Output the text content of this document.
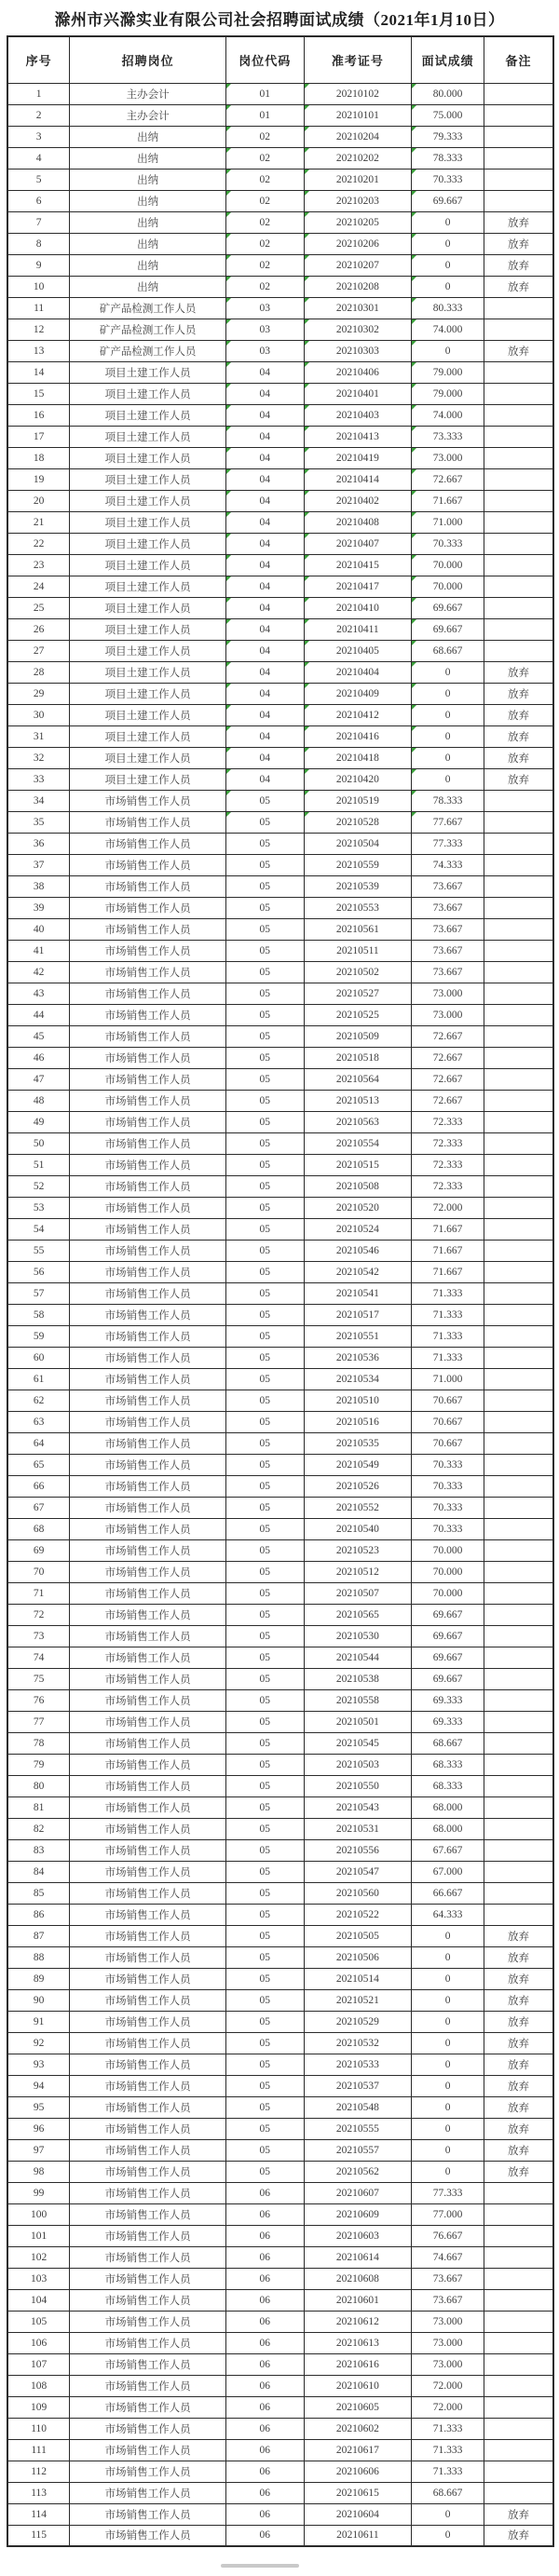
滁州市兴滁实业有限公司社会招聘面试成绩（2021年1月10日）
序号	招聘岗位	岗位代码	准考证号	面试成绩	备注
1	主办会计	01	20210102	80.000	
2	主办会计	01	20210101	75.000	
3	出纳	02	20210204	79.333	
4	出纳	02	20210202	78.333	
5	出纳	02	20210201	70.333	
6	出纳	02	20210203	69.667	
7	出纳	02	20210205	0	放弃
8	出纳	02	20210206	0	放弃
9	出纳	02	20210207	0	放弃
10	出纳	02	20210208	0	放弃
11	矿产品检测工作人员	03	20210301	80.333	
12	矿产品检测工作人员	03	20210302	74.000	
13	矿产品检测工作人员	03	20210303	0	放弃
14	项目土建工作人员	04	20210406	79.000	
15	项目土建工作人员	04	20210401	79.000	
16	项目土建工作人员	04	20210403	74.000	
17	项目土建工作人员	04	20210413	73.333	
18	项目土建工作人员	04	20210419	73.000	
19	项目土建工作人员	04	20210414	72.667	
20	项目土建工作人员	04	20210402	71.667	
21	项目土建工作人员	04	20210408	71.000	
22	项目土建工作人员	04	20210407	70.333	
23	项目土建工作人员	04	20210415	70.000	
24	项目土建工作人员	04	20210417	70.000	
25	项目土建工作人员	04	20210410	69.667	
26	项目土建工作人员	04	20210411	69.667	
27	项目土建工作人员	04	20210405	68.667	
28	项目土建工作人员	04	20210404	0	放弃
29	项目土建工作人员	04	20210409	0	放弃
30	项目土建工作人员	04	20210412	0	放弃
31	项目土建工作人员	04	20210416	0	放弃
32	项目土建工作人员	04	20210418	0	放弃
33	项目土建工作人员	04	20210420	0	放弃
34	市场销售工作人员	05	20210519	78.333	
35	市场销售工作人员	05	20210528	77.667	
36	市场销售工作人员	05	20210504	77.333	
37	市场销售工作人员	05	20210559	74.333	
38	市场销售工作人员	05	20210539	73.667	
39	市场销售工作人员	05	20210553	73.667	
40	市场销售工作人员	05	20210561	73.667	
41	市场销售工作人员	05	20210511	73.667	
42	市场销售工作人员	05	20210502	73.667	
43	市场销售工作人员	05	20210527	73.000	
44	市场销售工作人员	05	20210525	73.000	
45	市场销售工作人员	05	20210509	72.667	
46	市场销售工作人员	05	20210518	72.667	
47	市场销售工作人员	05	20210564	72.667	
48	市场销售工作人员	05	20210513	72.667	
49	市场销售工作人员	05	20210563	72.333	
50	市场销售工作人员	05	20210554	72.333	
51	市场销售工作人员	05	20210515	72.333	
52	市场销售工作人员	05	20210508	72.333	
53	市场销售工作人员	05	20210520	72.000	
54	市场销售工作人员	05	20210524	71.667	
55	市场销售工作人员	05	20210546	71.667	
56	市场销售工作人员	05	20210542	71.667	
57	市场销售工作人员	05	20210541	71.333	
58	市场销售工作人员	05	20210517	71.333	
59	市场销售工作人员	05	20210551	71.333	
60	市场销售工作人员	05	20210536	71.333	
61	市场销售工作人员	05	20210534	71.000	
62	市场销售工作人员	05	20210510	70.667	
63	市场销售工作人员	05	20210516	70.667	
64	市场销售工作人员	05	20210535	70.667	
65	市场销售工作人员	05	20210549	70.333	
66	市场销售工作人员	05	20210526	70.333	
67	市场销售工作人员	05	20210552	70.333	
68	市场销售工作人员	05	20210540	70.333	
69	市场销售工作人员	05	20210523	70.000	
70	市场销售工作人员	05	20210512	70.000	
71	市场销售工作人员	05	20210507	70.000	
72	市场销售工作人员	05	20210565	69.667	
73	市场销售工作人员	05	20210530	69.667	
74	市场销售工作人员	05	20210544	69.667	
75	市场销售工作人员	05	20210538	69.667	
76	市场销售工作人员	05	20210558	69.333	
77	市场销售工作人员	05	20210501	69.333	
78	市场销售工作人员	05	20210545	68.667	
79	市场销售工作人员	05	20210503	68.333	
80	市场销售工作人员	05	20210550	68.333	
81	市场销售工作人员	05	20210543	68.000	
82	市场销售工作人员	05	20210531	68.000	
83	市场销售工作人员	05	20210556	67.667	
84	市场销售工作人员	05	20210547	67.000	
85	市场销售工作人员	05	20210560	66.667	
86	市场销售工作人员	05	20210522	64.333	
87	市场销售工作人员	05	20210505	0	放弃
88	市场销售工作人员	05	20210506	0	放弃
89	市场销售工作人员	05	20210514	0	放弃
90	市场销售工作人员	05	20210521	0	放弃
91	市场销售工作人员	05	20210529	0	放弃
92	市场销售工作人员	05	20210532	0	放弃
93	市场销售工作人员	05	20210533	0	放弃
94	市场销售工作人员	05	20210537	0	放弃
95	市场销售工作人员	05	20210548	0	放弃
96	市场销售工作人员	05	20210555	0	放弃
97	市场销售工作人员	05	20210557	0	放弃
98	市场销售工作人员	05	20210562	0	放弃
99	市场销售工作人员	06	20210607	77.333	
100	市场销售工作人员	06	20210609	77.000	
101	市场销售工作人员	06	20210603	76.667	
102	市场销售工作人员	06	20210614	74.667	
103	市场销售工作人员	06	20210608	73.667	
104	市场销售工作人员	06	20210601	73.667	
105	市场销售工作人员	06	20210612	73.000	
106	市场销售工作人员	06	20210613	73.000	
107	市场销售工作人员	06	20210616	73.000	
108	市场销售工作人员	06	20210610	72.000	
109	市场销售工作人员	06	20210605	72.000	
110	市场销售工作人员	06	20210602	71.333	
111	市场销售工作人员	06	20210617	71.333	
112	市场销售工作人员	06	20210606	71.333	
113	市场销售工作人员	06	20210615	68.667	
114	市场销售工作人员	06	20210604	0	放弃
115	市场销售工作人员	06	20210611	0	放弃
